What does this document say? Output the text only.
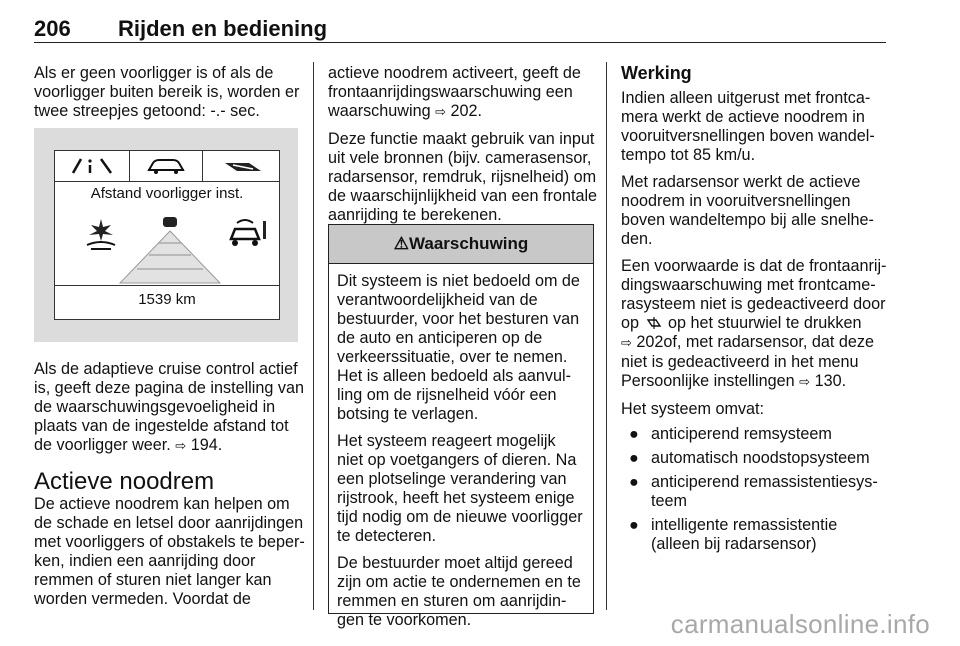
206 Rijden en bediening

Als er geen voorligger is of als de
voorligger buiten bereik is, worden er
twee streepjes getoond: -.- sec.

Afstand voorligger inst.
1539 km

Als de adaptieve cruise control actief
is, geeft deze pagina de instelling van
de waarschuwingsgevoeligheid in
plaats van de ingestelde afstand tot
de voorligger weer. ⇨ 194.

Actieve noodrem

De actieve noodrem kan helpen om
de schade en letsel door aanrijdingen
met voorliggers of obstakels te beper-
ken, indien een aanrijding door
remmen of sturen niet langer kan
worden vermeden. Voordat de

actieve noodrem activeert, geeft de
frontaanrijdingswaarschuwing een
waarschuwing ⇨ 202.

Deze functie maakt gebruik van input
uit vele bronnen (bijv. camerasensor,
radarsensor, remdruk, rijsnelheid) om
de waarschijnlijkheid van een frontale
aanrijding te berekenen.

⚠Waarschuwing

Dit systeem is niet bedoeld om de
verantwoordelijkheid van de
bestuurder, voor het besturen van
de auto en anticiperen op de
verkeerssituatie, over te nemen.
Het is alleen bedoeld als aanvul-
ling om de rijsnelheid vóór een
botsing te verlagen.

Het systeem reageert mogelijk
niet op voetgangers of dieren. Na
een plotselinge verandering van
rijstrook, heeft het systeem enige
tijd nodig om de nieuwe voorligger
te detecteren.

De bestuurder moet altijd gereed
zijn om actie te ondernemen en te
remmen en sturen om aanrijdin-
gen te voorkomen.

Werking

Indien alleen uitgerust met frontca-
mera werkt de actieve noodrem in
vooruitversnellingen boven wandel-
tempo tot 85 km/u.

Met radarsensor werkt de actieve
noodrem in vooruitversnellingen
boven wandeltempo bij alle snelhe-
den.

Een voorwaarde is dat de frontaanrij-
dingswaarschuwing met frontcame-
rasysteem niet is gedeactiveerd door
op op het stuurwiel te drukken
⇨ 202of, met radarsensor, dat deze
niet is gedeactiveerd in het menu
Persoonlijke instellingen ⇨ 130.

Het systeem omvat:

● anticiperend remsysteem
● automatisch noodstopsysteem
● anticiperend remassistentiesys-
teem
● intelligente remassistentie
(alleen bij radarsensor)
carmanualsonline.info
